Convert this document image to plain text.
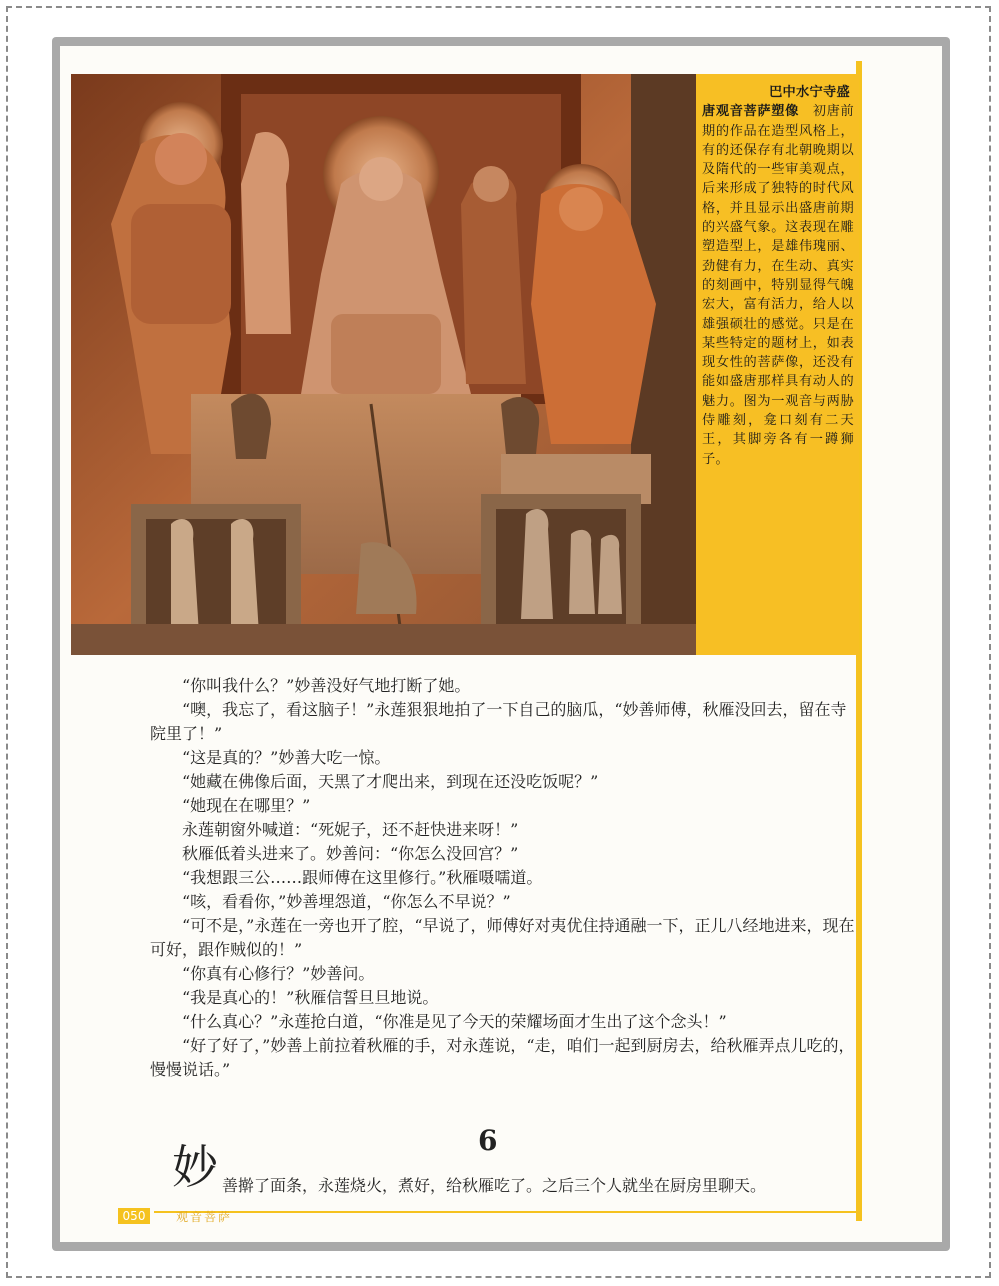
巴中水宁寺盛
唐观音菩萨塑像  初唐前期的作品在造型风格上，有的还保存有北朝晚期以及隋代的一些审美观点，后来形成了独特的时代风格，并且显示出盛唐前期的兴盛气象。这表现在雕塑造型上，是雄伟瑰丽、劲健有力，在生动、真实的刻画中，特别显得气魄宏大，富有活力，给人以雄强硕壮的感觉。只是在某些特定的题材上，如表现女性的菩萨像，还没有能如盛唐那样具有动人的魅力。图为一观音与两胁侍雕刻，龛口刻有二天王，其脚旁各有一蹲狮子。

“你叫我什么？”妙善没好气地打断了她。

“噢，我忘了，看这脑子！”永莲狠狠地拍了一下自己的脑瓜，“妙善师傅，秋雁没回去，留在寺院里了！”

“这是真的？”妙善大吃一惊。

“她藏在佛像后面，天黑了才爬出来，到现在还没吃饭呢？”

“她现在在哪里？”

永莲朝窗外喊道：“死妮子，还不赶快进来呀！”

秋雁低着头进来了。妙善问：“你怎么没回宫？”

“我想跟三公……跟师傅在这里修行。”秋雁嗫嚅道。

“咳，看看你，”妙善埋怨道，“你怎么不早说？”

“可不是，”永莲在一旁也开了腔，“早说了，师傅好对夷优住持通融一下，正儿八经地进来，现在可好，跟作贼似的！”

“你真有心修行？”妙善问。

“我是真心的！”秋雁信誓旦旦地说。

“什么真心？”永莲抢白道，“你准是见了今天的荣耀场面才生出了这个念头！”

“好了好了，”妙善上前拉着秋雁的手，对永莲说，“走，咱们一起到厨房去，给秋雁弄点儿吃的，慢慢说话。”

6
妙 善擀了面条，永莲烧火，煮好，给秋雁吃了。之后三个人就坐在厨房里聊天。
050	观音菩萨
